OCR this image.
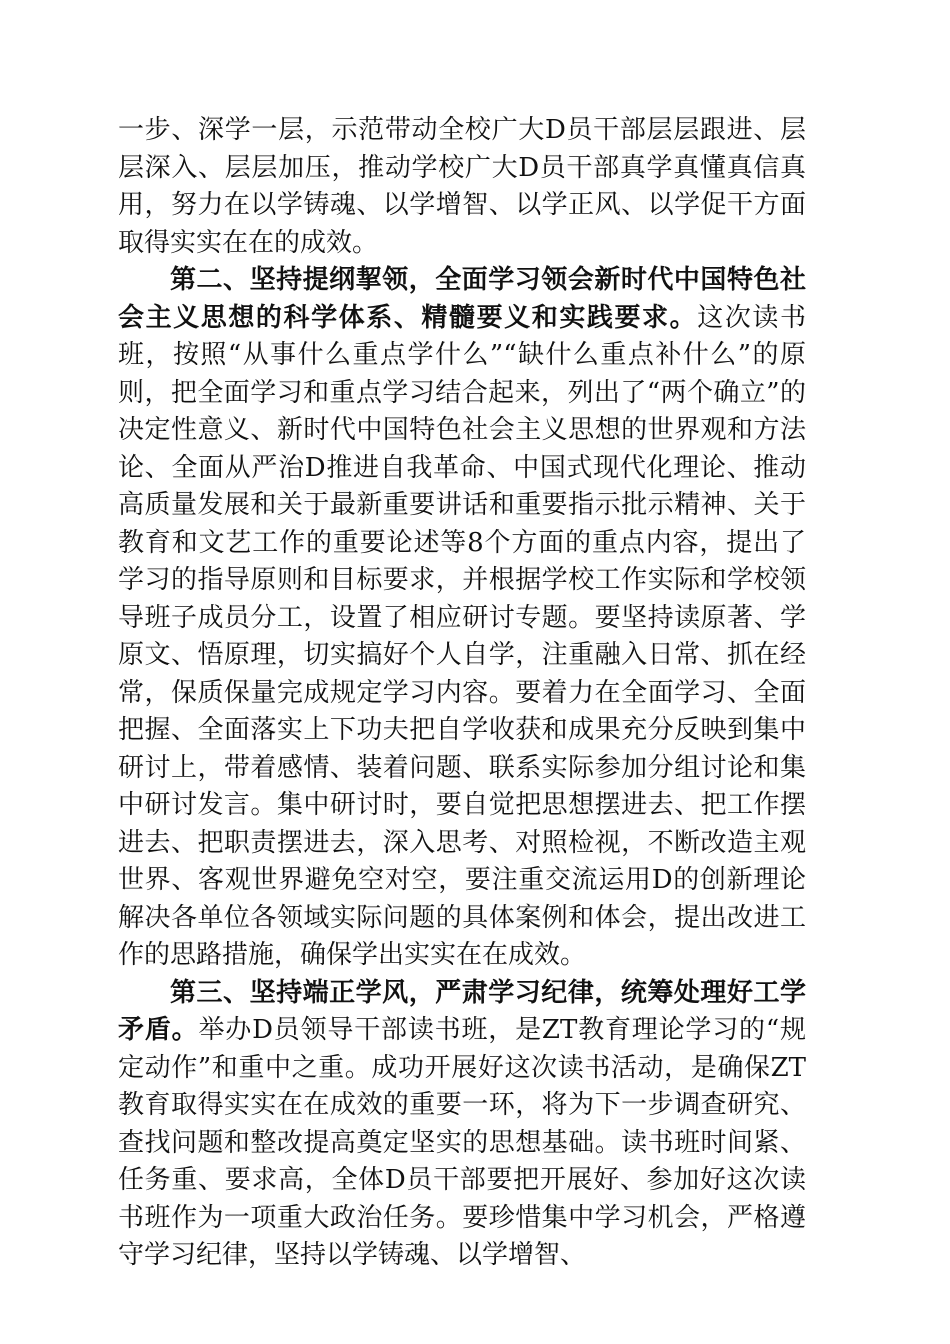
一步、深学一层，示范带动全校广大D员干部层层跟进、层层深入、层层加压，推动学校广大D员干部真学真懂真信真用，努力在以学铸魂、以学增智、以学正风、以学促干方面取得实实在在的成效。

第二、坚持提纲挈领，全面学习领会新时代中国特色社会主义思想的科学体系、精髓要义和实践要求。这次读书班，按照“从事什么重点学什么”“缺什么重点补什么”的原则，把全面学习和重点学习结合起来，列出了“两个确立”的决定性意义、新时代中国特色社会主义思想的世界观和方法论、全面从严治D推进自我革命、中国式现代化理论、推动高质量发展和关于最新重要讲话和重要指示批示精神、关于教育和文艺工作的重要论述等8个方面的重点内容，提出了学习的指导原则和目标要求，并根据学校工作实际和学校领导班子成员分工，设置了相应研讨专题。要坚持读原著、学原文、悟原理，切实搞好个人自学，注重融入日常、抓在经常，保质保量完成规定学习内容。要着力在全面学习、全面把握、全面落实上下功夫把自学收获和成果充分反映到集中研讨上，带着感情、装着问题、联系实际参加分组讨论和集中研讨发言。集中研讨时，要自觉把思想摆进去、把工作摆进去、把职责摆进去，深入思考、对照检视，不断改造主观世界、客观世界避免空对空，要注重交流运用D的创新理论解决各单位各领域实际问题的具体案例和体会，提出改进工作的思路措施，确保学出实实在在成效。

第三、坚持端正学风，严肃学习纪律，统筹处理好工学矛盾。举办D员领导干部读书班，是ZT教育理论学习的“规定动作”和重中之重。成功开展好这次读书活动，是确保ZT教育取得实实在在成效的重要一环，将为下一步调查研究、查找问题和整改提高奠定坚实的思想基础。读书班时间紧、任务重、要求高，全体D员干部要把开展好、参加好这次读书班作为一项重大政治任务。要珍惜集中学习机会，严格遵守学习纪律，坚持以学铸魂、以学增智、
